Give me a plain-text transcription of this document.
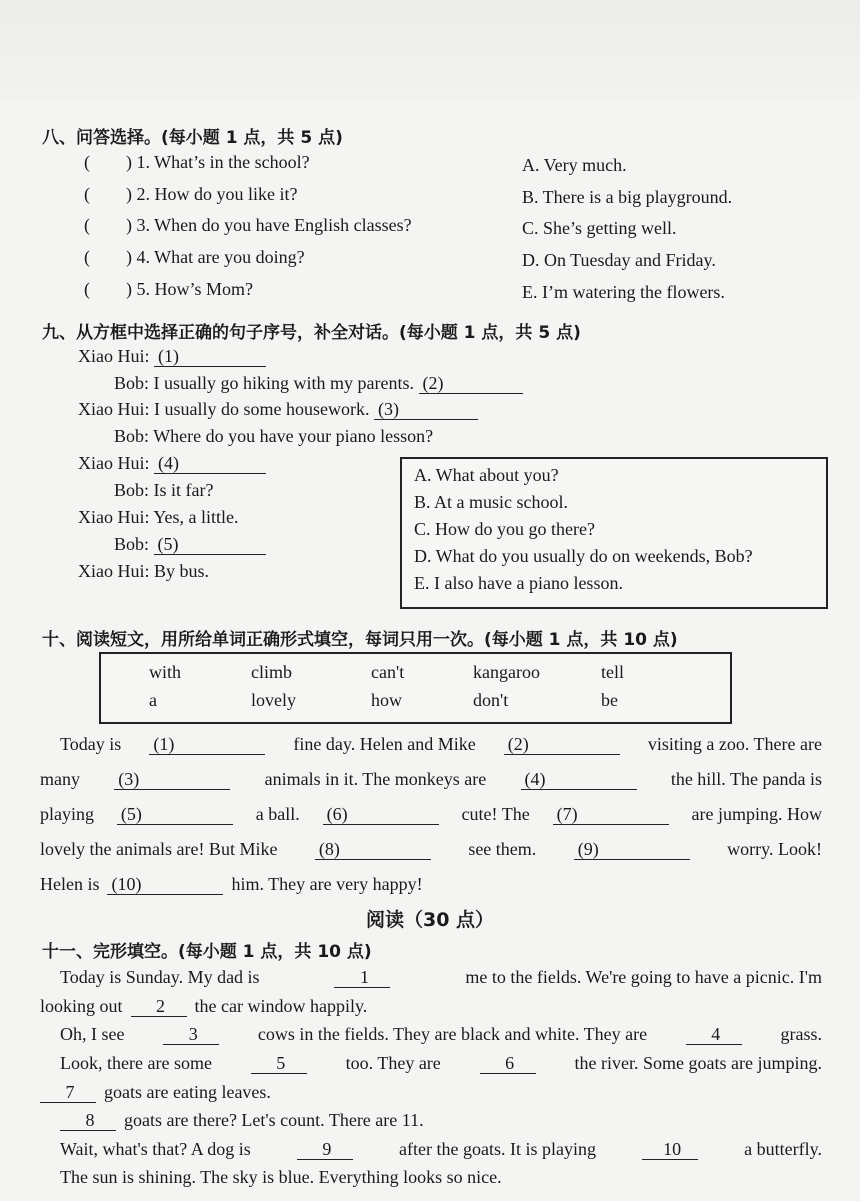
八、问答选择。(每小题 1 点，共 5 点)
( ) 1. What’s in the school?
( ) 2. How do you like it?
( ) 3. When do you have English classes?
( ) 4. What are you doing?
( ) 5. How’s Mom?
A. Very much.
B. There is a big playground.
C. She’s getting well.
D. On Tuesday and Friday.
E. I’m watering the flowers.
九、从方框中选择正确的句子序号，补全对话。(每小题 1 点，共 5 点)
Xiao Hui: (1)
Bob: I usually go hiking with my parents. (2)
Xiao Hui: I usually do some housework. (3)
Bob: Where do you have your piano lesson?
Xiao Hui: (4)
Bob: Is it far?
Xiao Hui: Yes, a little.
Bob: (5)
Xiao Hui: By bus.
A. What about you?
B. At a music school.
C. How do you go there?
D. What do you usually do on weekends, Bob?
E. I also have a piano lesson.
十、阅读短文，用所给单词正确形式填空，每词只用一次。(每小题 1 点，共 10 点)
with	climb	can't	kangaroo	tell
a	lovely	how	don't	be
Today is (1)	fine day. Helen and Mike (2)	visiting a zoo. There are
many (3)	animals in it. The monkeys are (4)	the hill. The panda is
playing (5)	a ball. (6)	cute! The (7)	are jumping. How
lovely the animals are! But Mike (8)	see them. (9)	worry. Look!
Helen is (10)	him. They are very happy!
阅读（30 点）
十一、完形填空。(每小题 1 点，共 10 点)
Today is Sunday. My dad is	1	me to the fields. We're going to have a picnic. I'm
looking out	2	the car window happily.
Oh, I see	3	cows in the fields. They are black and white. They are	4	grass.
Look, there are some	5	too. They are	6	the river. Some goats are jumping.
7	goats are eating leaves.
8	goats are there? Let's count. There are 11.
Wait, what's that? A dog is	9	after the goats. It is playing	10	a butterfly.
The sun is shining. The sky is blue. Everything looks so nice.
